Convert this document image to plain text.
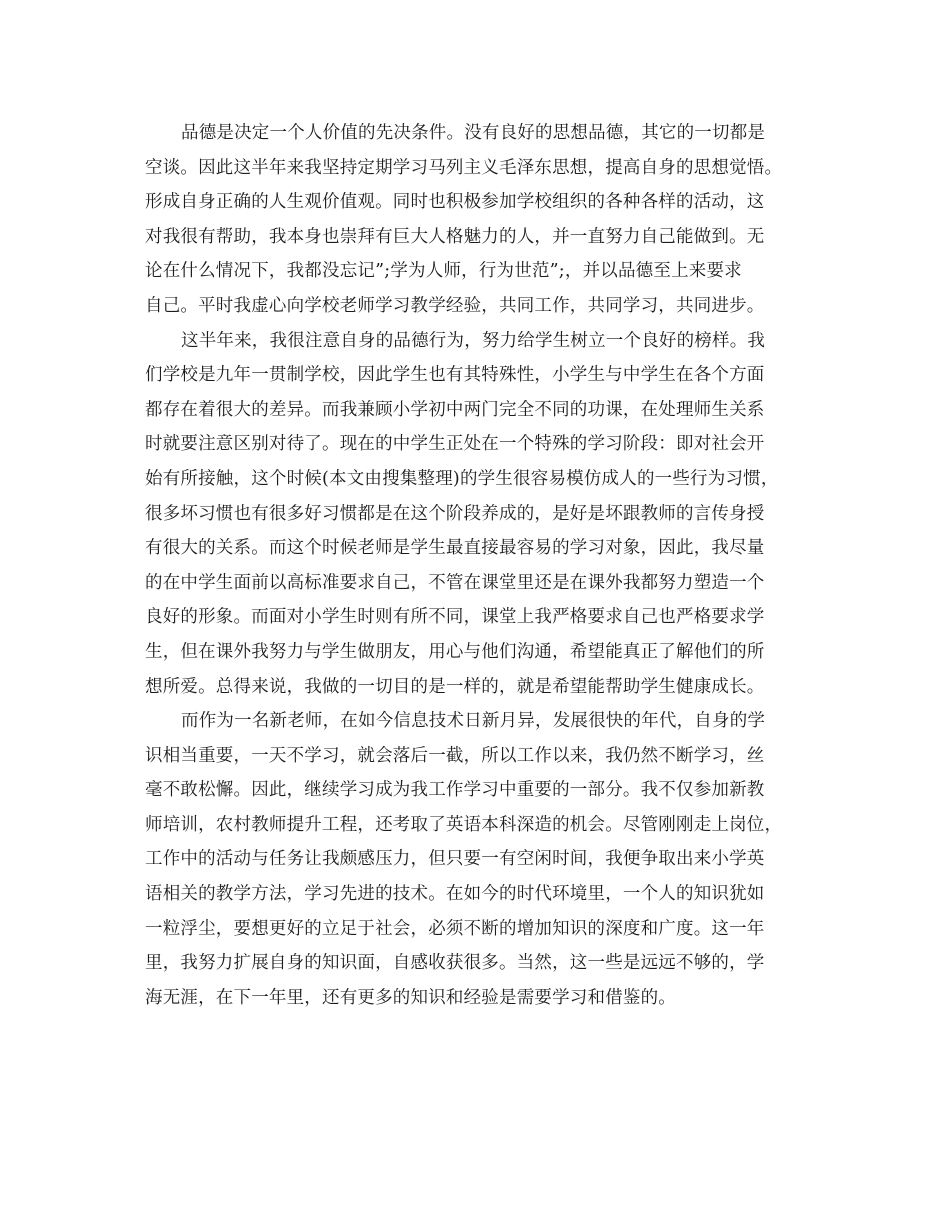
品德是决定一个人价值的先决条件。没有良好的思想品德，其它的一切都是
空谈。因此这半年来我坚持定期学习马列主义毛泽东思想，提高自身的思想觉悟。
形成自身正确的人生观价值观。同时也积极参加学校组织的各种各样的活动，这
对我很有帮助，我本身也崇拜有巨大人格魅力的人，并一直努力自己能做到。无
论在什么情况下，我都没忘记”;学为人师，行为世范”;，并以品德至上来要求
自己。平时我虚心向学校老师学习教学经验，共同工作，共同学习，共同进步。
这半年来，我很注意自身的品德行为，努力给学生树立一个良好的榜样。我
们学校是九年一贯制学校，因此学生也有其特殊性，小学生与中学生在各个方面
都存在着很大的差异。而我兼顾小学初中两门完全不同的功课，在处理师生关系
时就要注意区别对待了。现在的中学生正处在一个特殊的学习阶段：即对社会开
始有所接触，这个时候(本文由搜集整理)的学生很容易模仿成人的一些行为习惯，
很多坏习惯也有很多好习惯都是在这个阶段养成的，是好是坏跟教师的言传身授
有很大的关系。而这个时候老师是学生最直接最容易的学习对象，因此，我尽量
的在中学生面前以高标准要求自己，不管在课堂里还是在课外我都努力塑造一个
良好的形象。而面对小学生时则有所不同，课堂上我严格要求自己也严格要求学
生，但在课外我努力与学生做朋友，用心与他们沟通，希望能真正了解他们的所
想所爱。总得来说，我做的一切目的是一样的，就是希望能帮助学生健康成长。
而作为一名新老师，在如今信息技术日新月异，发展很快的年代，自身的学
识相当重要，一天不学习，就会落后一截，所以工作以来，我仍然不断学习，丝
毫不敢松懈。因此，继续学习成为我工作学习中重要的一部分。我不仅参加新教
师培训，农村教师提升工程，还考取了英语本科深造的机会。尽管刚刚走上岗位，
工作中的活动与任务让我颇感压力，但只要一有空闲时间，我便争取出来小学英
语相关的教学方法，学习先进的技术。在如今的时代环境里，一个人的知识犹如
一粒浮尘，要想更好的立足于社会，必须不断的增加知识的深度和广度。这一年
里，我努力扩展自身的知识面，自感收获很多。当然，这一些是远远不够的，学
海无涯，在下一年里，还有更多的知识和经验是需要学习和借鉴的。
